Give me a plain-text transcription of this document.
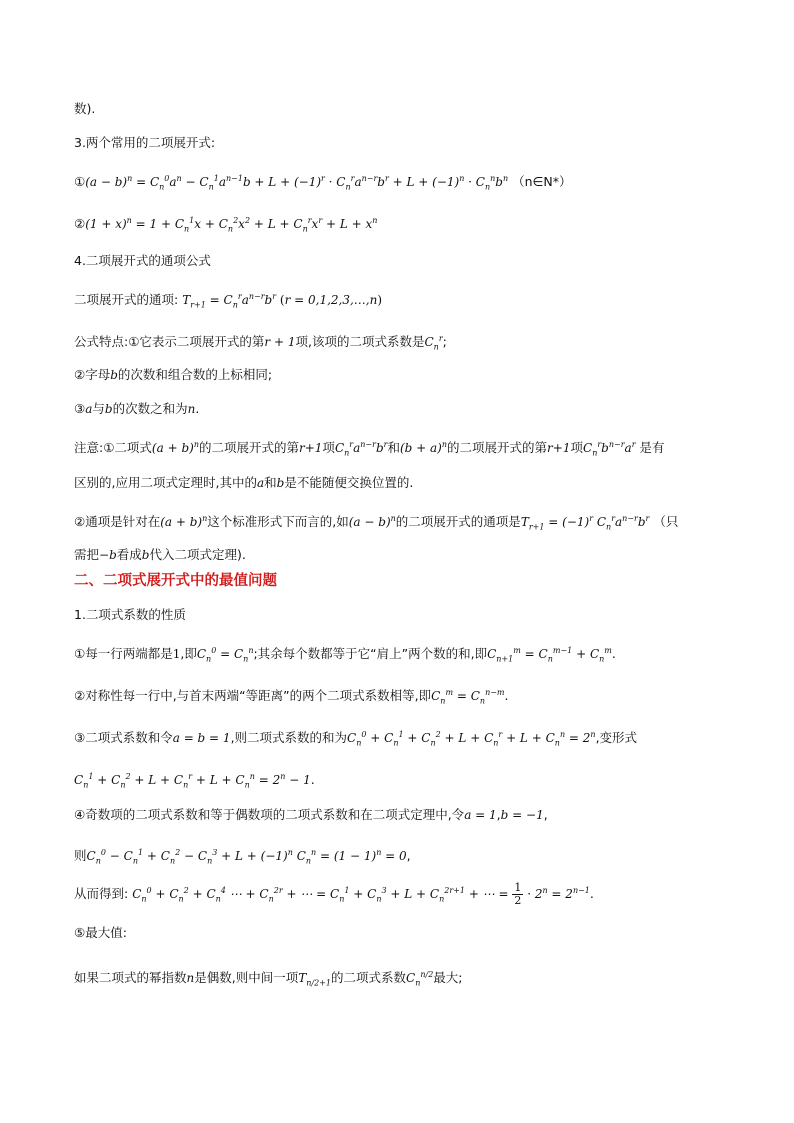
数).
3.两个常用的二项展开式:
①(a − $b)^n = C_n^0a^n - C_n^1a^{n-1}b + L + (-1)^r \cdot C_n^ra^{n-r}b^r + L + (-1)^n \cdot C_n^nb^n$ （n∈N*）
②(1 + $x)^n = 1 + C_n^1x + C_n^2x^2 + L + C_n^rx^r + L + x^n$
4.二项展开式的通项公式
二项展开式的通项: $T_{r+1} = C_n^ra^{n-r}b^r$ (r = 0,1,2,3,…,n)
公式特点:①它表示二项展开式的第r + 1项,该项的二项式系数是$C_n^r$;
②字母b的次数和组合数的上标相同;
③a与b的次数之和为n.
注意:①二项式$(a + b)^n$的二项展开式的第r+1项$C_n^ra^{n-r}b^r$和$(b + a)^n$的二项展开式的第r+1项$C_n^rb^{n-r}a^r$ 是有
区别的,应用二项式定理时,其中的a和b是不能随便交换位置的.
②通项是针对在$(a + b)^n$这个标准形式下而言的,如$(a - b)^n$的二项展开式的通项是$T_{r+1} = (-1)^r$ $C_n^ra^{n-r}b^r$ （只
需把−b看成b代入二项式定理).
二、二项式展开式中的最值问题
1.二项式系数的性质
①每一行两端都是1,即$C_n^0 = C_n^n$;其余每个数都等于它“肩上”两个数的和,即$C_{n+1}^m = C_n^{m-1} + C_n^m$.
②对称性每一行中,与首末两端“等距离”的两个二项式系数相等,即$C_n^m = C_n^{n-m}$.
③二项式系数和令a = b = 1,则二项式系数的和为$C_n^0 + C_n^1 + C_n^2 + L + C_n^r + L + C_n^n = 2^n$,变形式
$C_n^1 + C_n^2 + L + C_n^r + L + C_n^n = 2^n - 1$.
④奇数项的二项式系数和等于偶数项的二项式系数和在二项式定理中,令a = 1,b = −1,
则$C_n^0 - C_n^1 + C_n^2 - C_n^3 + L + (-1)^n$ $C_n^n = (1 - 1)^n = 0$,
从而得到: $C_n^0 + C_n^2 + C_n^4$ ⋯ + $C_n^{2r}$ + ⋯ = $C_n^1 + C_n^3 + L + C_n^{2r+1}$ + ⋯ = $\frac{1}{2} \cdot 2^n = 2^{n-1}$.
⑤最大值:
如果二项式的幂指数n是偶数,则中间一项$T_{n/2+1}$的二项式系数$C_n^{n/2}$最大;
